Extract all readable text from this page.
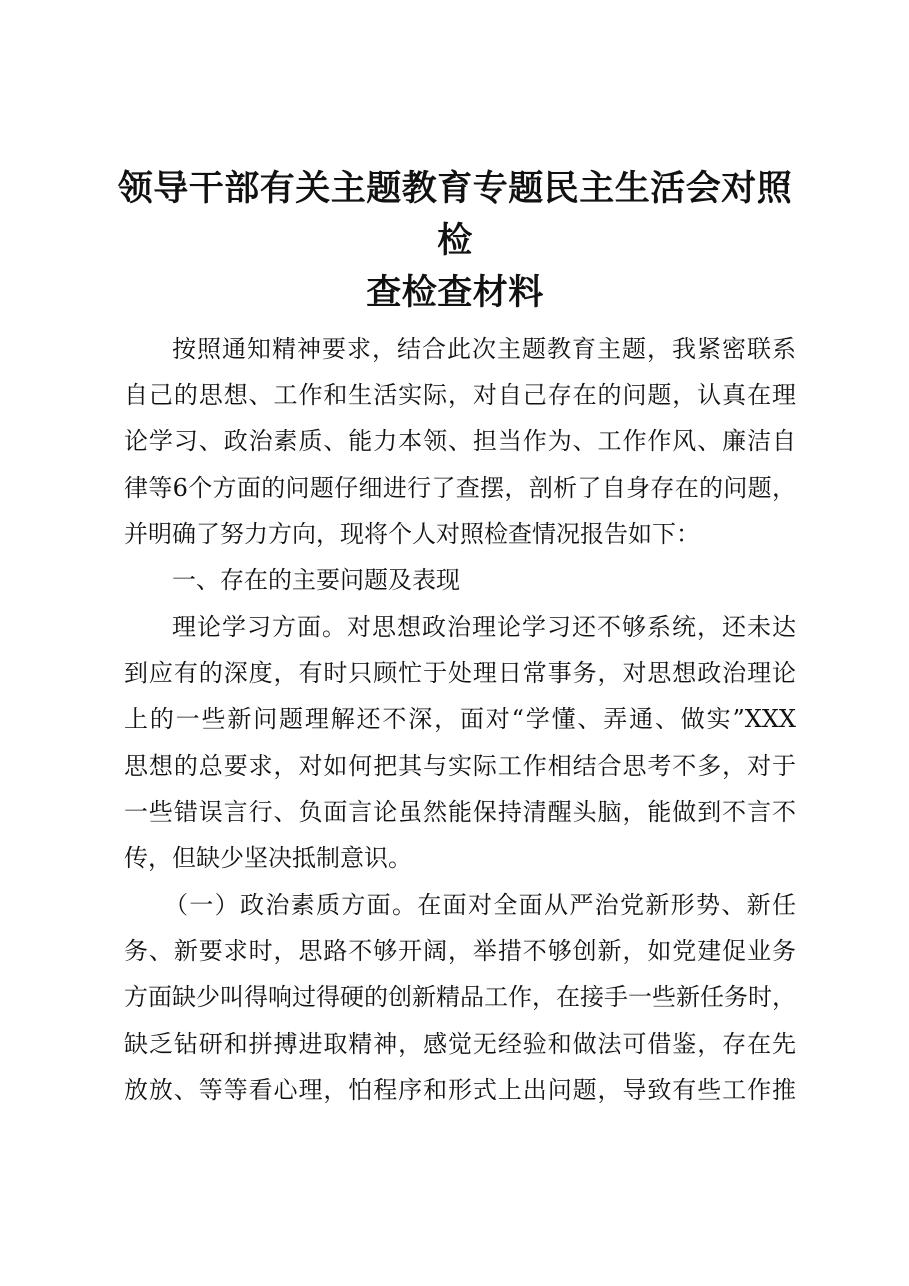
领导干部有关主题教育专题民主生活会对照检
查检查材料

按照通知精神要求，结合此次主题教育主题，我紧密联系

自己的思想、工作和生活实际，对自己存在的问题，认真在理

论学习、政治素质、能力本领、担当作为、工作作风、廉洁自

律等6个方面的问题仔细进行了查摆，剖析了自身存在的问题，

并明确了努力方向，现将个人对照检查情况报告如下：

一、存在的主要问题及表现

理论学习方面。对思想政治理论学习还不够系统，还未达

到应有的深度，有时只顾忙于处理日常事务，对思想政治理论

上的一些新问题理解还不深，面对“学懂、弄通、做实”XXX

思想的总要求，对如何把其与实际工作相结合思考不多，对于

一些错误言行、负面言论虽然能保持清醒头脑，能做到不言不

传，但缺少坚决抵制意识。

（一）政治素质方面。在面对全面从严治党新形势、新任

务、新要求时，思路不够开阔，举措不够创新，如党建促业务

方面缺少叫得响过得硬的创新精品工作，在接手一些新任务时，

缺乏钻研和拼搏进取精神，感觉无经验和做法可借鉴，存在先

放放、等等看心理，怕程序和形式上出问题，导致有些工作推
